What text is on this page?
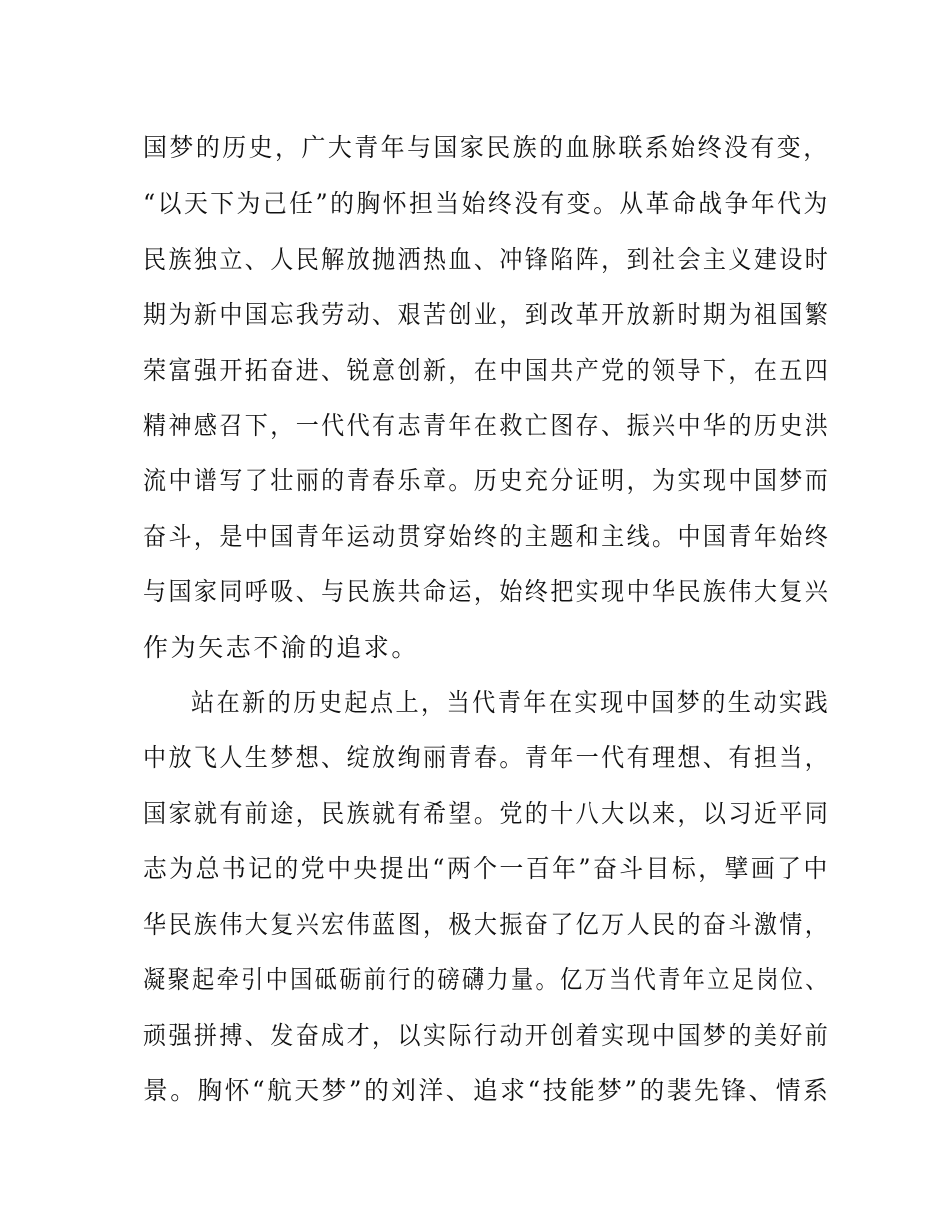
国梦的历史，广大青年与国家民族的血脉联系始终没有变，
“以天下为己任”的胸怀担当始终没有变。从革命战争年代为
民族独立、人民解放抛洒热血、冲锋陷阵，到社会主义建设时
期为新中国忘我劳动、艰苦创业，到改革开放新时期为祖国繁
荣富强开拓奋进、锐意创新，在中国共产党的领导下，在五四
精神感召下，一代代有志青年在救亡图存、振兴中华的历史洪
流中谱写了壮丽的青春乐章。历史充分证明，为实现中国梦而
奋斗，是中国青年运动贯穿始终的主题和主线。中国青年始终
与国家同呼吸、与民族共命运，始终把实现中华民族伟大复兴
作为矢志不渝的追求。
站在新的历史起点上，当代青年在实现中国梦的生动实践
中放飞人生梦想、绽放绚丽青春。青年一代有理想、有担当，
国家就有前途，民族就有希望。党的十八大以来，以习近平同
志为总书记的党中央提出“两个一百年”奋斗目标，擘画了中
华民族伟大复兴宏伟蓝图，极大振奋了亿万人民的奋斗激情，
凝聚起牵引中国砥砺前行的磅礴力量。亿万当代青年立足岗位、
顽强拼搏、发奋成才，以实际行动开创着实现中国梦的美好前
景。胸怀“航天梦”的刘洋、追求“技能梦”的裴先锋、情系
